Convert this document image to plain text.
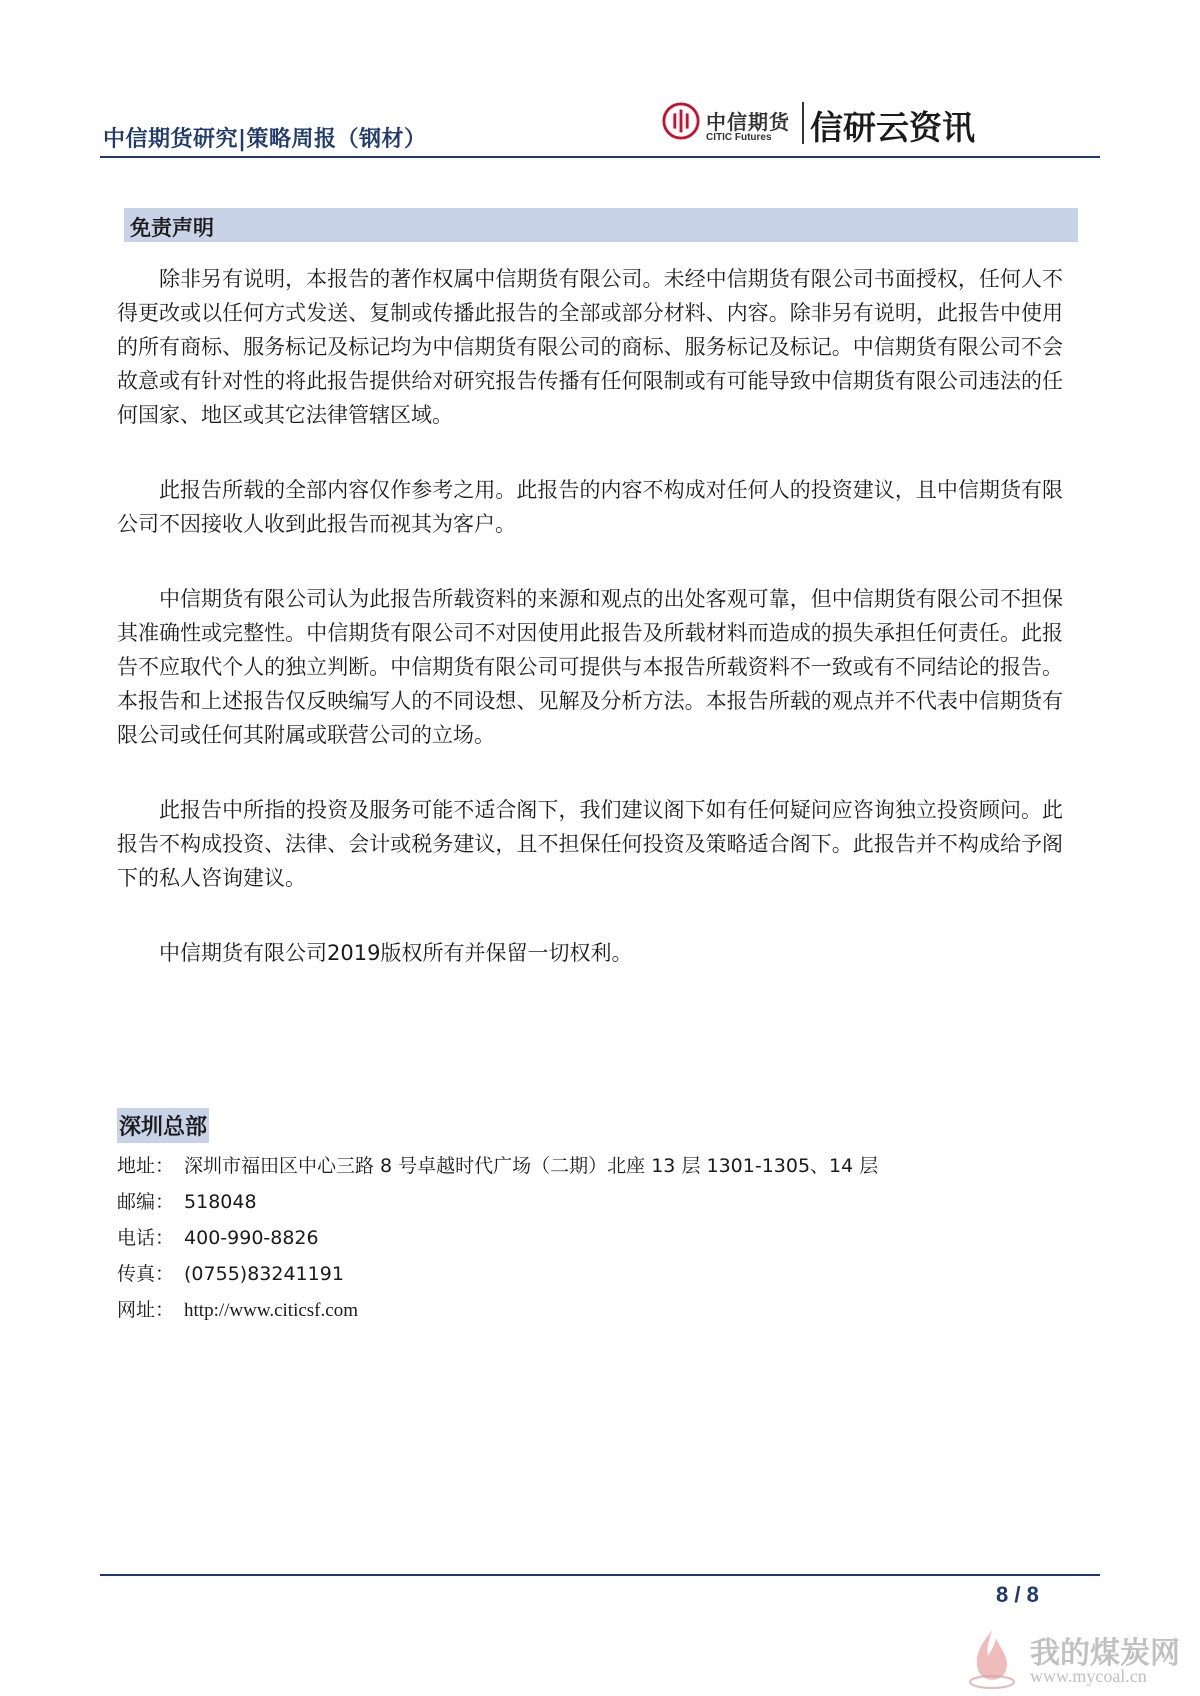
中信期货研究|策略周报（钢材）
中信期货
CITIC Futures 信研云资讯
免责声明

除非另有说明，本报告的著作权属中信期货有限公司。未经中信期货有限公司书面授权，任何人不得更改或以任何方式发送、复制或传播此报告的全部或部分材料、内容。除非另有说明，此报告中使用的所有商标、服务标记及标记均为中信期货有限公司的商标、服务标记及标记。中信期货有限公司不会故意或有针对性的将此报告提供给对研究报告传播有任何限制或有可能导致中信期货有限公司违法的任何国家、地区或其它法律管辖区域。

此报告所载的全部内容仅作参考之用。此报告的内容不构成对任何人的投资建议，且中信期货有限公司不因接收人收到此报告而视其为客户。

中信期货有限公司认为此报告所载资料的来源和观点的出处客观可靠，但中信期货有限公司不担保其准确性或完整性。中信期货有限公司不对因使用此报告及所载材料而造成的损失承担任何责任。此报告不应取代个人的独立判断。中信期货有限公司可提供与本报告所载资料不一致或有不同结论的报告。本报告和上述报告仅反映编写人的不同设想、见解及分析方法。本报告所载的观点并不代表中信期货有限公司或任何其附属或联营公司的立场。

此报告中所指的投资及服务可能不适合阁下，我们建议阁下如有任何疑问应咨询独立投资顾问。此报告不构成投资、法律、会计或税务建议，且不担保任何投资及策略适合阁下。此报告并不构成给予阁下的私人咨询建议。

中信期货有限公司2019版权所有并保留一切权利。

深圳总部
地址： 深圳市福田区中心三路 8 号卓越时代广场（二期）北座 13 层 1301-1305、14 层
邮编： 518048
电话： 400-990-8826
传真： (0755)83241191
网址： http://www.citicsf.com
8 / 8
我的煤炭网
www.mycoal.cn
